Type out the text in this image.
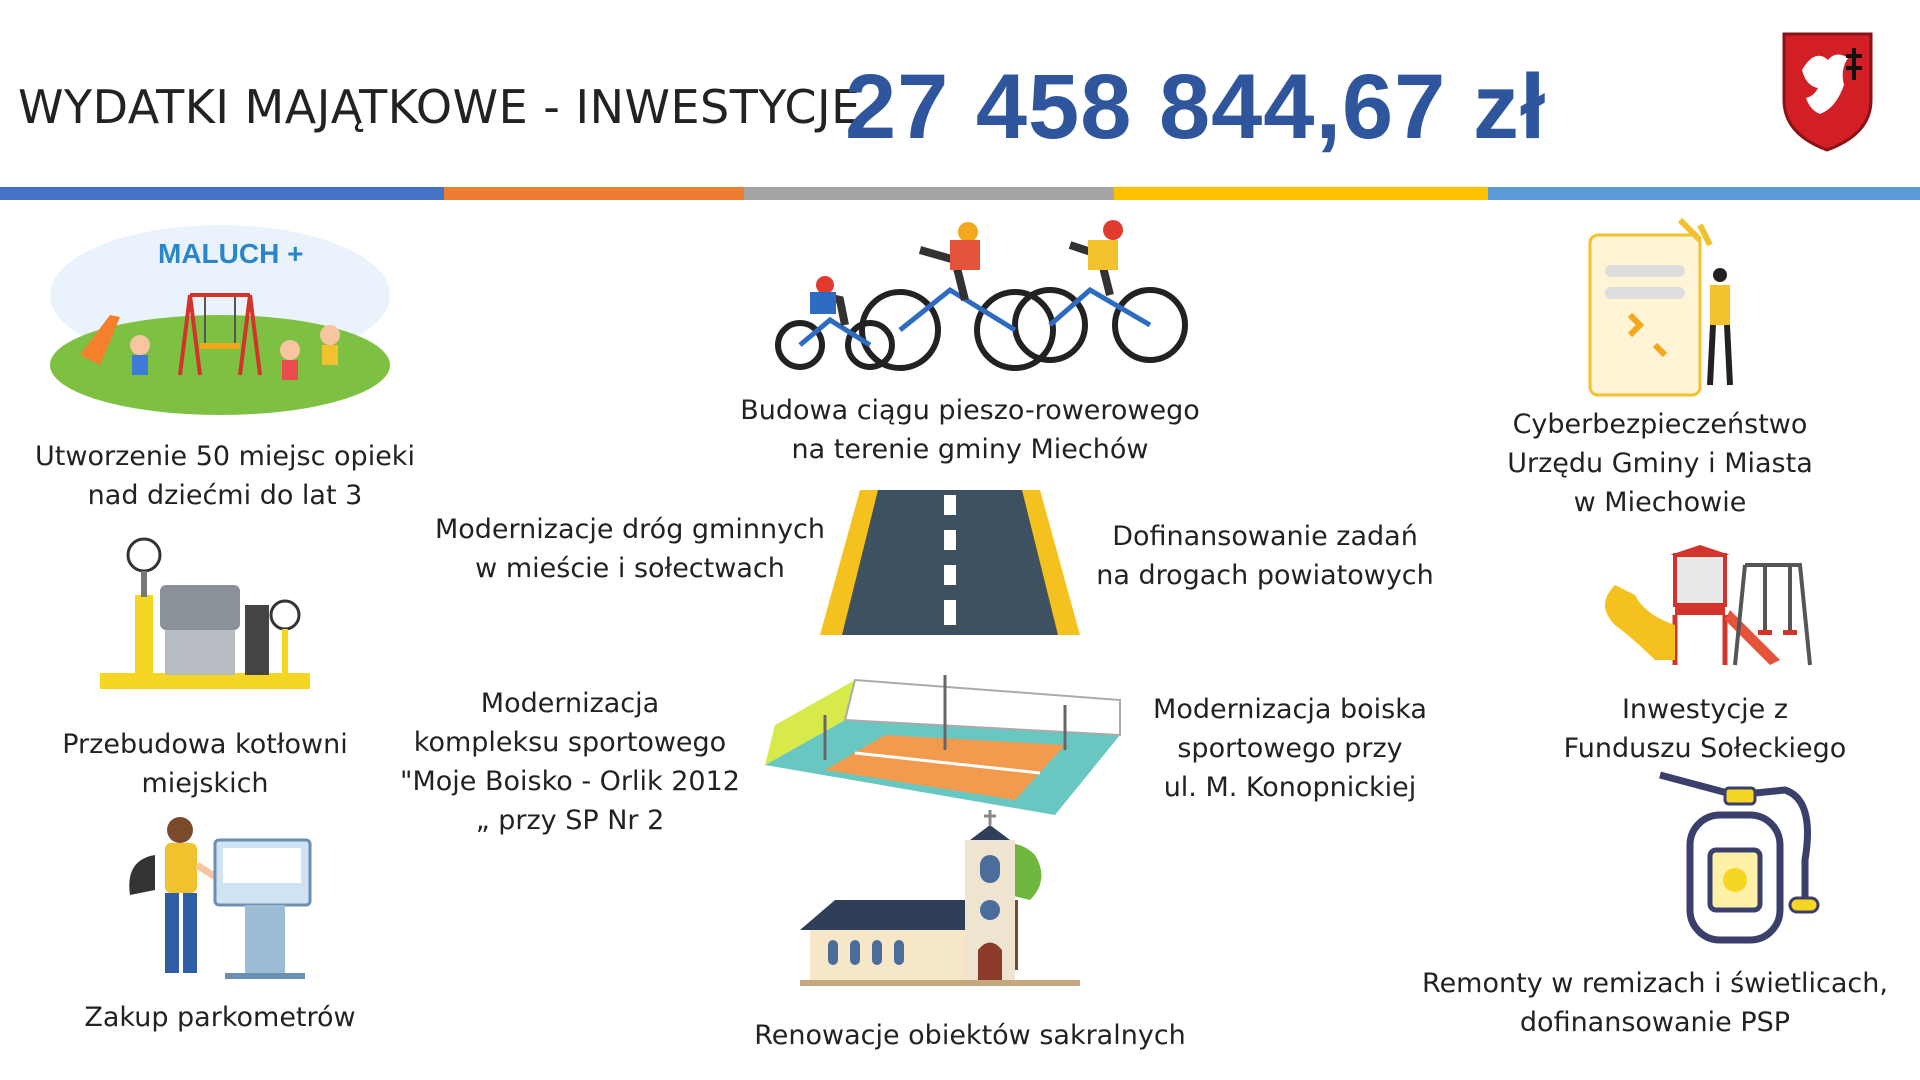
WYDATKI MAJĄTKOWE - INWESTYCJE
27 458 844,67 zł
MALUCH +
Utworzenie 50 miejsc opieki
nad dziećmi do lat 3
Budowa ciągu pieszo-rowerowego
na terenie gminy Miechów
Cyberbezpieczeństwo
Urzędu Gminy i Miasta
w Miechowie
Modernizacje dróg gminnych
w mieście i sołectwach
Dofinansowanie zadań
na drogach powiatowych
Przebudowa kotłowni
miejskich
Inwestycje z
Funduszu Sołeckiego
Modernizacja
kompleksu sportowego
"Moje Boisko - Orlik 2012
„ przy SP Nr 2
Modernizacja boiska
sportowego przy
ul. M. Konopnickiej
Zakup parkometrów
Renowacje obiektów sakralnych
Remonty w remizach i świetlicach,
dofinansowanie PSP
